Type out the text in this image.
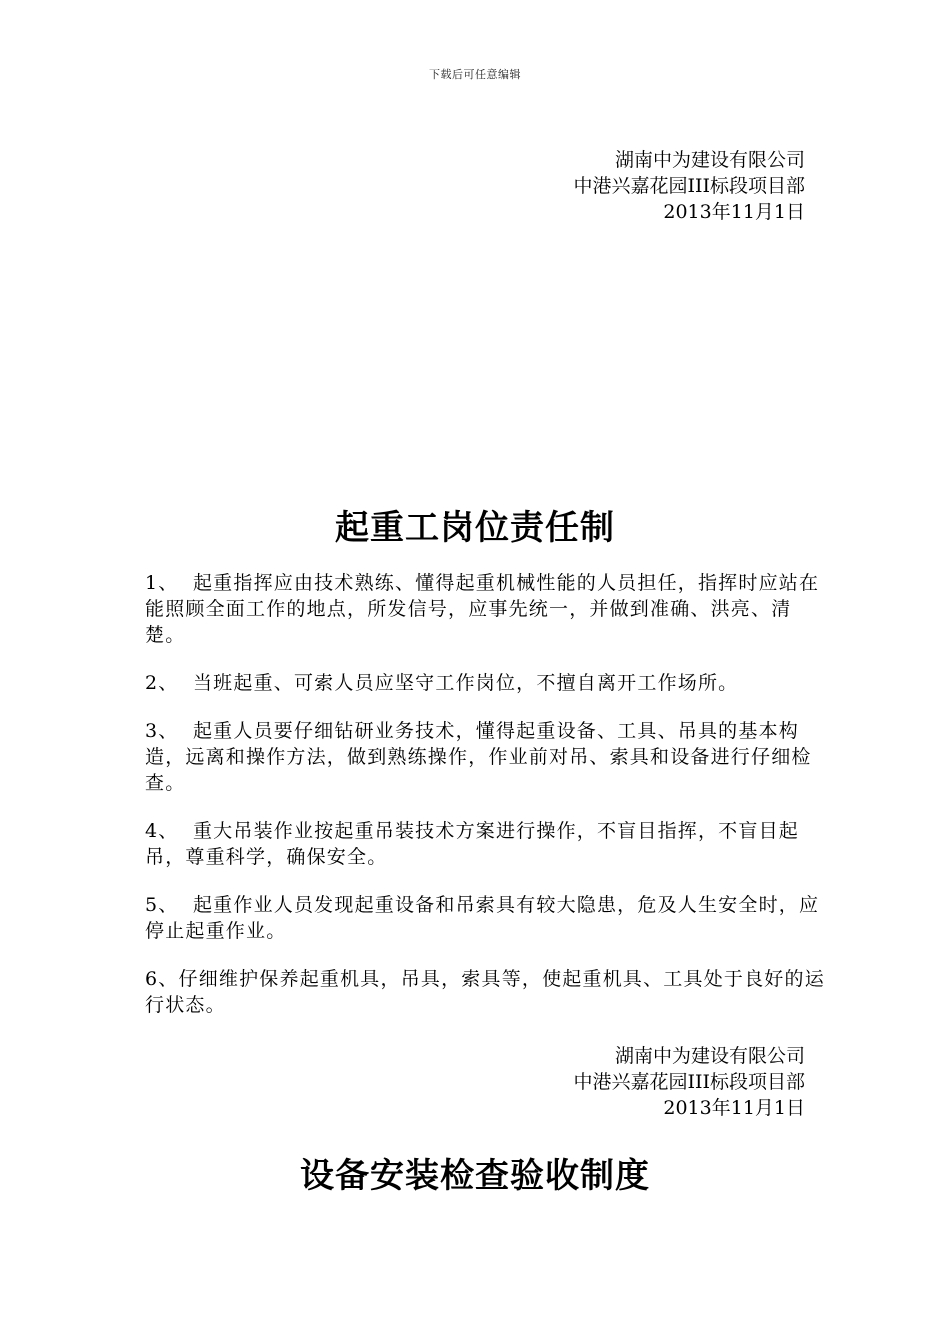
下载后可任意编辑
湖南中为建设有限公司
中港兴嘉花园III标段项目部
2013年11月1日
起重工岗位责任制

1、  起重指挥应由技术熟练、懂得起重机械性能的人员担任，指挥时应站在能照顾全面工作的地点，所发信号，应事先统一，并做到准确、洪亮、清楚。

2、  当班起重、可索人员应坚守工作岗位，不擅自离开工作场所。

3、  起重人员要仔细钻研业务技术，懂得起重设备、工具、吊具的基本构造，远离和操作方法，做到熟练操作，作业前对吊、索具和设备进行仔细检查。

4、  重大吊装作业按起重吊装技术方案进行操作，不盲目指挥，不盲目起吊，尊重科学，确保安全。

5、  起重作业人员发现起重设备和吊索具有较大隐患，危及人生安全时，应停止起重作业。

6、仔细维护保养起重机具，吊具，索具等，使起重机具、工具处于良好的运行状态。

湖南中为建设有限公司
中港兴嘉花园III标段项目部
2013年11月1日
设备安装检查验收制度
